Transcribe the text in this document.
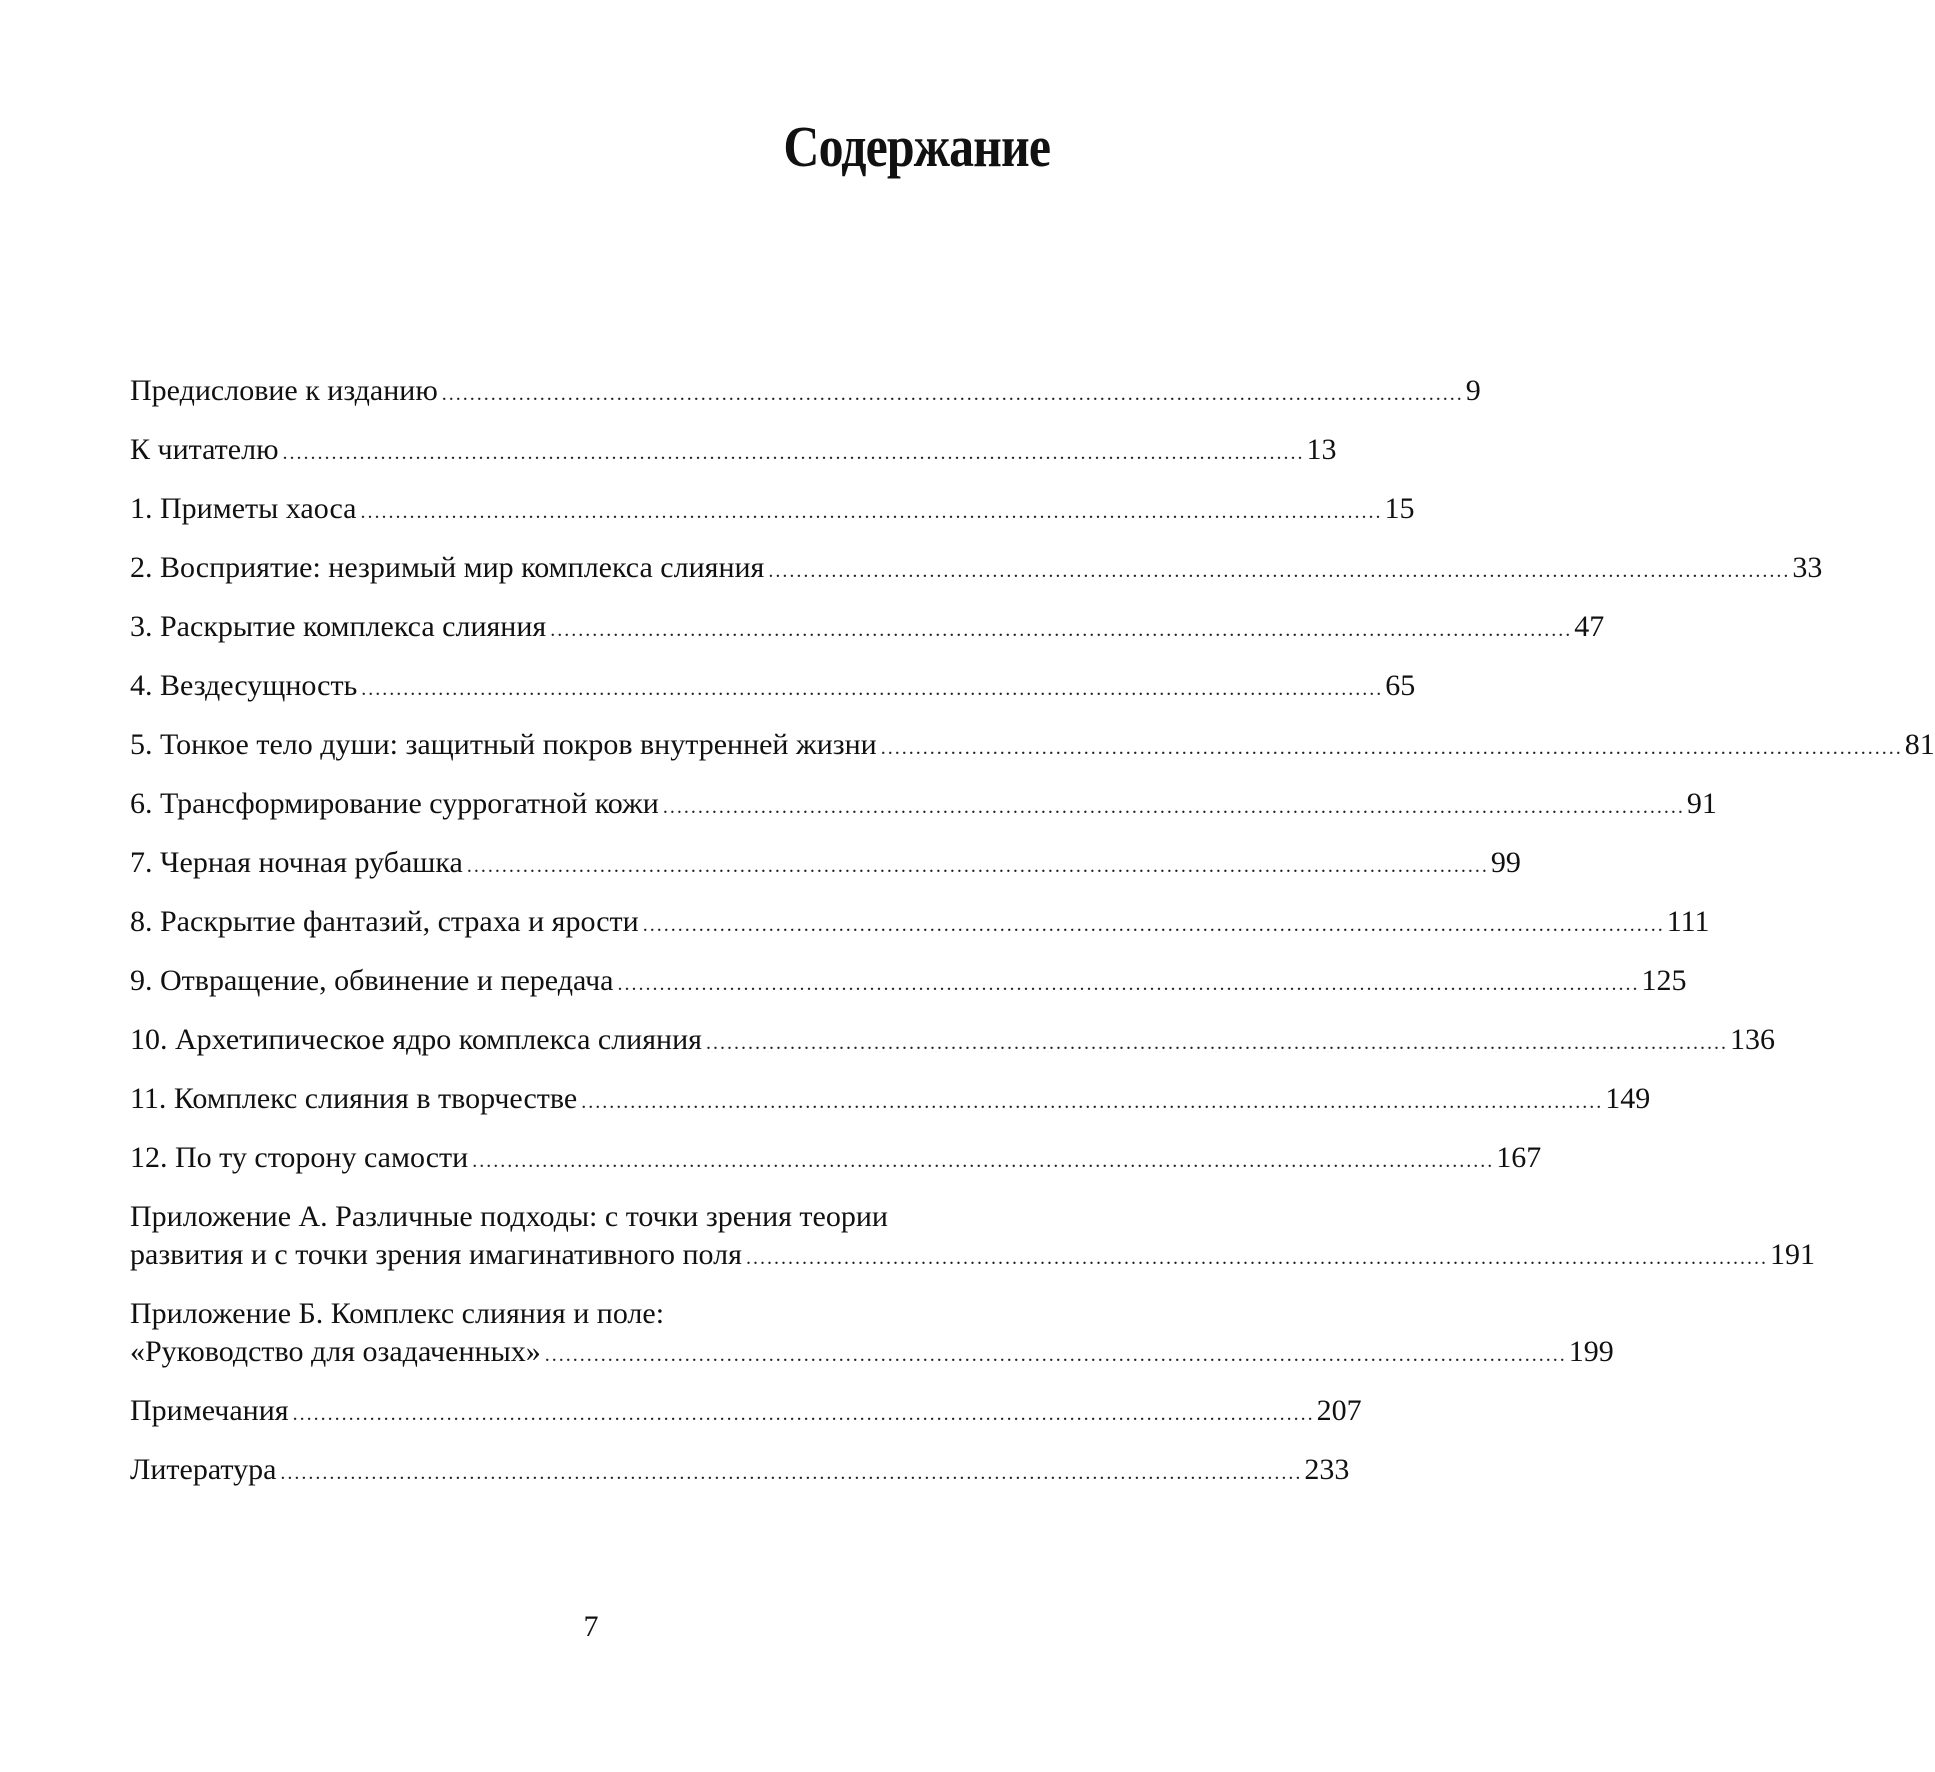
Содержание
Предисловие к изданию .................................................................................................................................................. 9
К читателю .................................................................................................................................................. 13
1. Приметы хаоса .................................................................................................................................................. 15
2. Восприятие: незримый мир комплекса слияния .................................................................................................................................................. 33
3. Раскрытие комплекса слияния .................................................................................................................................................. 47
4. Вездесущность .................................................................................................................................................. 65
5. Тонкое тело души: защитный покров внутренней жизни .................................................................................................................................................. 81
6. Трансформирование суррогатной кожи .................................................................................................................................................. 91
7. Черная ночная рубашка .................................................................................................................................................. 99
8. Раскрытие фантазий, страха и ярости .................................................................................................................................................. 111
9. Отвращение, обвинение и передача .................................................................................................................................................. 125
10. Архетипическое ядро комплекса слияния .................................................................................................................................................. 136
11. Комплекс слияния в творчестве .................................................................................................................................................. 149
12. По ту сторону самости .................................................................................................................................................. 167
Приложение А. Различные подходы: с точки зрения теории
развития и с точки зрения имагинативного поля .................................................................................................................................................. 191
Приложение Б. Комплекс слияния и поле:
«Руководство для озадаченных» .................................................................................................................................................. 199
Примечания .................................................................................................................................................. 207
Литература .................................................................................................................................................. 233

7
